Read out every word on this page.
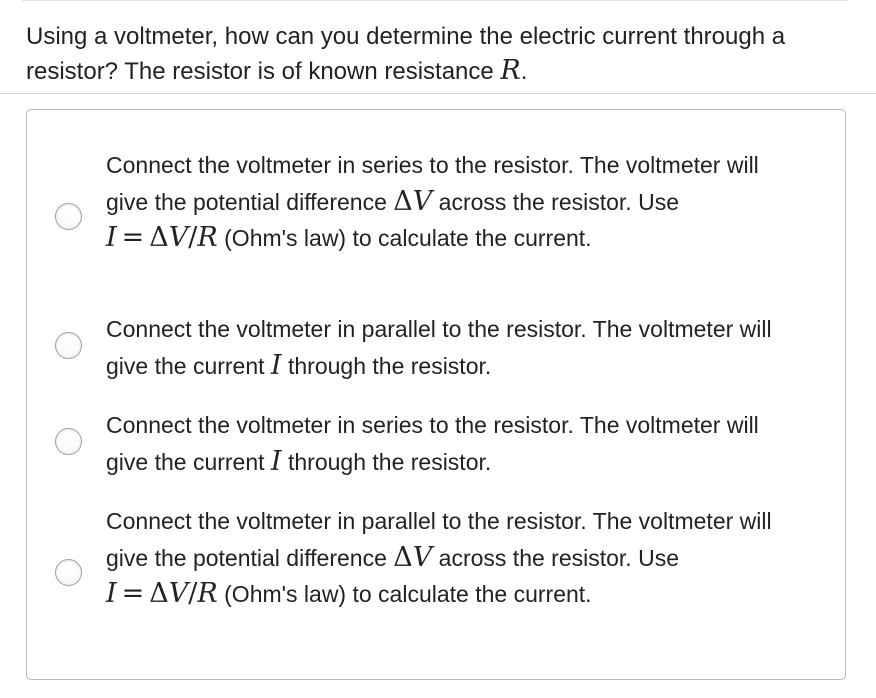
Using a voltmeter, how can you determine the electric current through a resistor? The resistor is of known resistance R.
Connect the voltmeter in series to the resistor. The voltmeter will give the potential difference ΔV across the resistor. Use I = ΔV/R (Ohm's law) to calculate the current.
Connect the voltmeter in parallel to the resistor. The voltmeter will give the current I through the resistor.
Connect the voltmeter in series to the resistor. The voltmeter will give the current I through the resistor.
Connect the voltmeter in parallel to the resistor. The voltmeter will give the potential difference ΔV across the resistor. Use I = ΔV/R (Ohm's law) to calculate the current.
